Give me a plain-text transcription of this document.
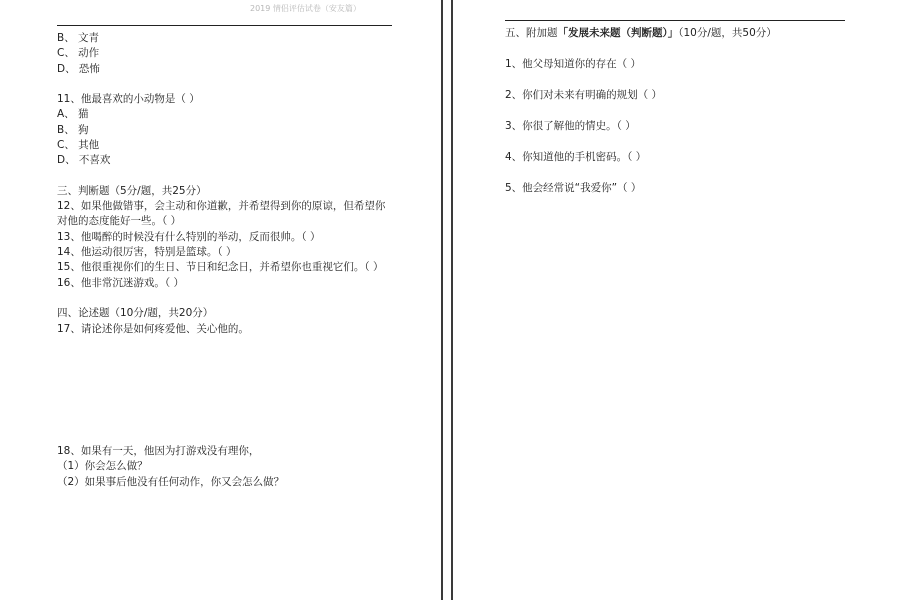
2019 情侣评估试卷（安友篇）
B、 文青
C、 动作
D、 恐怖
11、他最喜欢的小动物是（ ）
A、 猫
B、 狗
C、 其他
D、 不喜欢
三、判断题（5分/题，共25分）
12、如果他做错事，会主动和你道歉，并希望得到你的原谅，但希望你
对他的态度能好一些。（ ）
13、他喝醉的时候没有什么特别的举动，反而很帅。（ ）
14、他运动很厉害，特别是篮球。（ ）
15、他很重视你们的生日、节日和纪念日，并希望你也重视它们。（ ）
16、他非常沉迷游戏。（ ）
四、论述题（10分/题，共20分）
17、请论述你是如何疼爱他、关心他的。
18、如果有一天，他因为打游戏没有理你，
（1）你会怎么做？
（2）如果事后他没有任何动作，你又会怎么做？
五、附加题「发展未来题（判断题）」（10分/题，共50分）
1、他父母知道你的存在（ ）
2、你们对未来有明确的规划（ ）
3、你很了解他的情史。（ ）
4、你知道他的手机密码。（ ）
5、他会经常说“我爱你”（ ）
